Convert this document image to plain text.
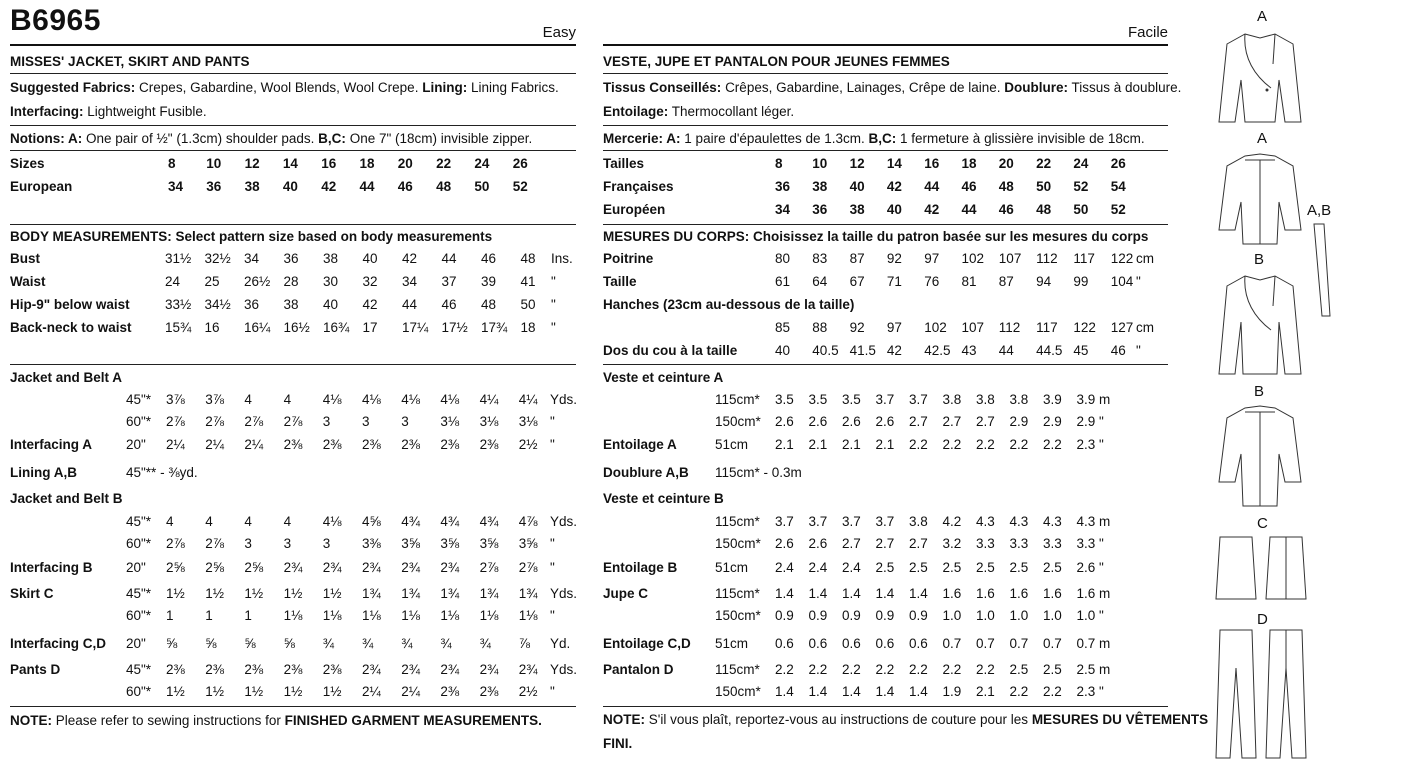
B6965	Easy
MISSES' JACKET, SKIRT AND PANTS
Suggested Fabrics: Crepes, Gabardine, Wool Blends, Wool Crepe. Lining: Lining Fabrics.
Interfacing: Lightweight Fusible.
Notions: A: One pair of ½" (1.3cm) shoulder pads. B,C: One 7" (18cm) invisible zipper.
Sizes	8	10	12	14	16	18	20	22	24	26
European	34	36	38	40	42	44	46	48	50	52
BODY MEASUREMENTS: Select pattern size based on body measurements
Bust	31½ 32½ 34	36	38	40	42	44	46	48	Ins.
Waist	24	25	26½ 28	30	32	34	37	39	41	"
Hip-9" below waist	33½ 34½ 36	38	40	42	44	46	48	50	"
Back-neck to waist 15¾ 16	16¼ 16½ 16¾ 17	17¼ 17½ 17¾ 18	"
Jacket and Belt A
45"* 3⅞	3⅞	4	4	4⅛	4⅛	4⅛	4⅛	4¼	4¼ Yds.
60"* 2⅞	2⅞	2⅞	2⅞	3	3	3	3⅛	3⅛	3⅛ "
Interfacing A	20" 2¼	2¼	2¼	2⅜	2⅜	2⅜	2⅜	2⅜	2⅜	2½ "
Lining A,B	45"** - ⅜yd.
Jacket and Belt B
45"* 4	4	4	4	4⅛	4⅝	4¾	4¾	4¾	4⅞ Yds.
60"* 2⅞	2⅞	3	3	3	3⅜	3⅝	3⅝	3⅝	3⅝ "
Interfacing B 20" 2⅝	2⅝	2⅝	2¾	2¾	2¾	2¾	2¾	2⅞	2⅞ "
Skirt C	45"* 1½	1½	1½	1½	1½	1¾	1¾	1¾	1¾	1¾ Yds.
60"* 1	1	1	1⅛	1⅛	1⅛	1⅛	1⅛	1⅛	1⅛ "
Interfacing C,D 20" ⅝	⅝	⅝	⅝	¾	¾	¾	¾	¾	⅞	Yd.
Pants D	45"* 2⅜	2⅜	2⅜	2⅜	2⅜	2¾	2¾	2¾	2¾	2¾ Yds.
60"* 1½	1½	1½	1½	1½	2¼	2¼	2⅜	2⅜	2½ "
NOTE: Please refer to sewing instructions for FINISHED GARMENT MEASUREMENTS.
Facile
VESTE, JUPE ET PANTALON POUR JEUNES FEMMES
Tissus Conseillés: Crêpes, Gabardine, Lainages, Crêpe de laine. Doublure: Tissus à doublure.
Entoilage: Thermocollant léger.
Mercerie: A: 1 paire d'épaulettes de 1.3cm. B,C: 1 fermeture à glissière invisible de 18cm.
Tailles	8	10	12	14	16	18	20	22	24	26
Françaises	36	38	40	42	44	46	48	50	52	54
Européen	34	36	38	40	42	44	46	48	50	52
MESURES DU CORPS: Choisissez la taille du patron basée sur les mesures du corps
Poitrine	80	83	87	92	97	102	107	112	117	122 cm
Taille	61	64	67	71	76	81	87	94	99	104 "
Hanches (23cm au-dessous de la taille)
85	88	92	97	102	107	112	117	122	127 cm
Dos du cou à la taille	40	40.5 41.5 42	42.5 43	44	44.5 45	46 "
Veste et ceinture A
115cm* 3.5	3.5	3.5	3.7	3.7	3.8	3.8	3.8	3.9	3.9 m
150cm* 2.6	2.6	2.6	2.6	2.7	2.7	2.7	2.9	2.9	2.9 "
Entoilage A	51cm 2.1	2.1	2.1	2.1	2.2	2.2	2.2	2.2	2.2	2.3 "
Doublure A,B 115cm* - 0.3m
Veste et ceinture B
115cm* 3.7	3.7	3.7	3.7	3.8	4.2	4.3	4.3	4.3	4.3 m
150cm* 2.6	2.6	2.7	2.7	2.7	3.2	3.3	3.3	3.3	3.3 "
Entoilage B	51cm 2.4	2.4	2.4	2.5	2.5	2.5	2.5	2.5	2.5	2.6 "
Jupe C	115cm* 1.4	1.4	1.4	1.4	1.4	1.6	1.6	1.6	1.6	1.6 m
150cm* 0.9	0.9	0.9	0.9	0.9	1.0	1.0	1.0	1.0	1.0 "
Entoilage C,D 51cm 0.6	0.6	0.6	0.6	0.6	0.7	0.7	0.7	0.7	0.7 m
Pantalon D	115cm* 2.2	2.2	2.2	2.2	2.2	2.2	2.2	2.5	2.5	2.5 m
150cm* 1.4	1.4	1.4	1.4	1.4	1.9	2.1	2.2	2.2	2.3 "
NOTE: S'il vous plaît, reportez-vous au instructions de couture pour les MESURES DU VÊTEMENTS
FINI.
A
A
A,B
B
B
C
D
